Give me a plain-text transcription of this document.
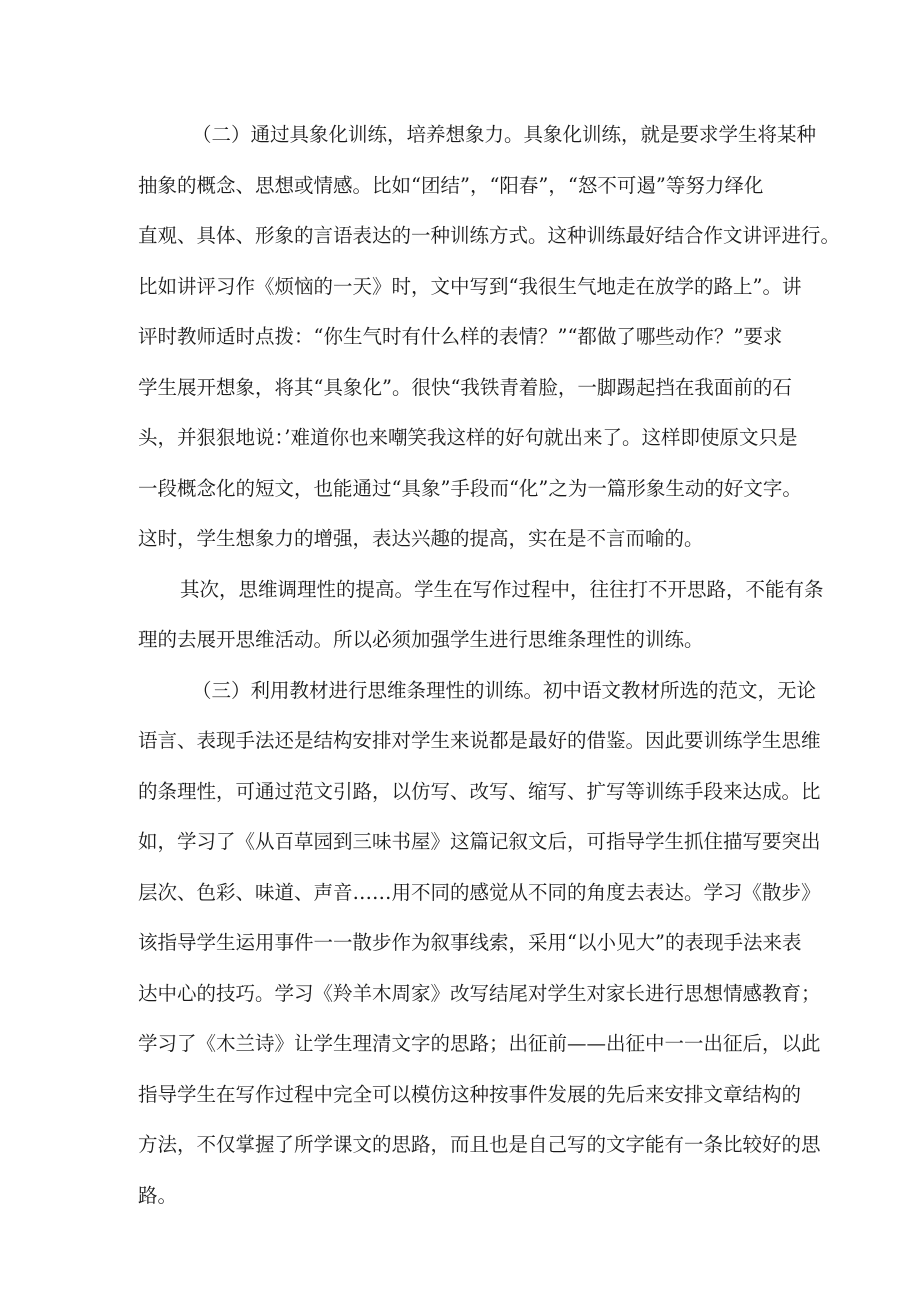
（二）通过具象化训练，培养想象力。具象化训练，就是要求学生将某种
抽象的概念、思想或情感。比如“团结”，“阳春”，“怒不可遏”等努力绎化
直观、具体、形象的言语表达的一种训练方式。这种训练最好结合作文讲评进行。
比如讲评习作《烦恼的一天》时，文中写到“我很生气地走在放学的路上”。讲
评时教师适时点拨：“你生气时有什么样的表情？”“都做了哪些动作？”要求
学生展开想象，将其“具象化”。很快“我铁青着脸，一脚踢起挡在我面前的石
头，并狠狠地说：’难道你也来嘲笑我这样的好句就出来了。这样即使原文只是
一段概念化的短文，也能通过“具象”手段而“化”之为一篇形象生动的好文字。
这时，学生想象力的增强，表达兴趣的提高，实在是不言而喻的。
其次，思维调理性的提高。学生在写作过程中，往往打不开思路，不能有条
理的去展开思维活动。所以必须加强学生进行思维条理性的训练。
（三）利用教材进行思维条理性的训练。初中语文教材所选的范文，无论
语言、表现手法还是结构安排对学生来说都是最好的借鉴。因此要训练学生思维
的条理性，可通过范文引路，以仿写、改写、缩写、扩写等训练手段来达成。比
如，学习了《从百草园到三味书屋》这篇记叙文后，可指导学生抓住描写要突出
层次、色彩、味道、声音……用不同的感觉从不同的角度去表达。学习《散步》
该指导学生运用事件一一散步作为叙事线索，采用“以小见大”的表现手法来表
达中心的技巧。学习《羚羊木周家》改写结尾对学生对家长进行思想情感教育；
学习了《木兰诗》让学生理清文字的思路；出征前——出征中一一出征后，以此
指导学生在写作过程中完全可以模仿这种按事件发展的先后来安排文章结构的
方法，不仅掌握了所学课文的思路，而且也是自己写的文字能有一条比较好的思
路。
